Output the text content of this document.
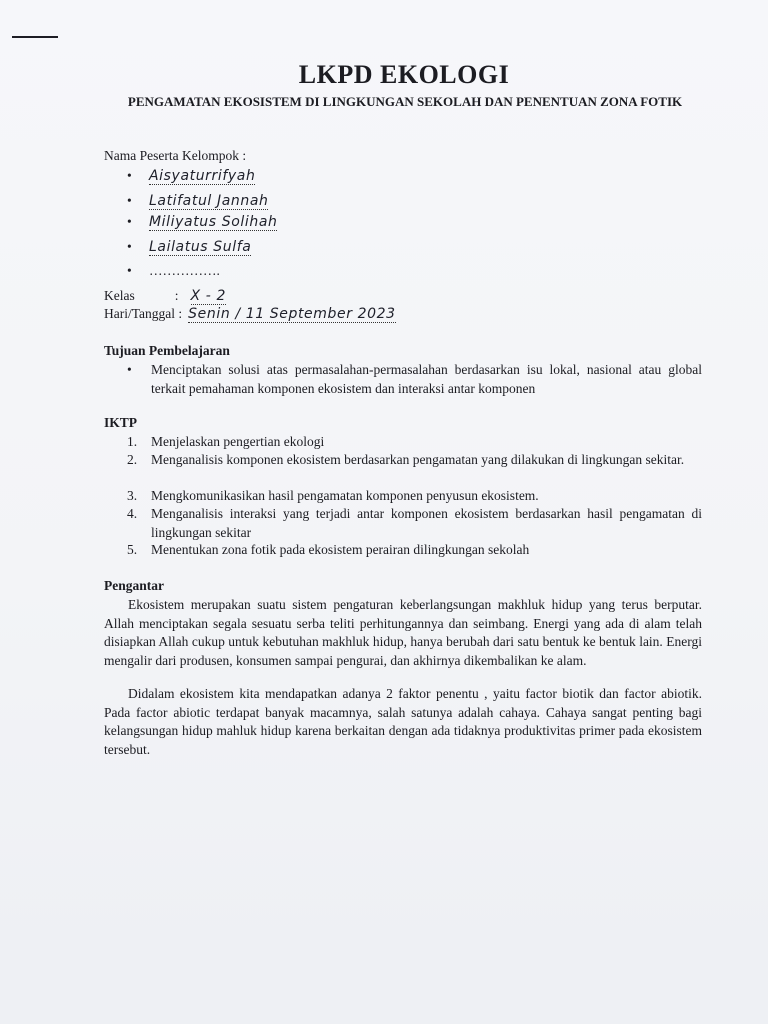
LKPD EKOLOGI
PENGAMATAN EKOSISTEM DI LINGKUNGAN SEKOLAH DAN PENENTUAN ZONA FOTIK
Nama Peserta Kelompok :
• Aisyaturrifyah
• Latifatul Jannah
• Miliyatus Solihah
• Lailatus Sulfa
• …………….
Kelas	: X - 2
Hari/Tanggal : Senin / 11 September 2023
Tujuan Pembelajaran
• Menciptakan solusi atas permasalahan-permasalahan berdasarkan isu lokal, nasional atau global terkait pemahaman komponen ekosistem dan interaksi antar komponen
IKTP
1. Menjelaskan pengertian ekologi
2. Menganalisis komponen ekosistem berdasarkan pengamatan yang dilakukan di lingkungan sekitar.
3. Mengkomunikasikan hasil pengamatan komponen penyusun ekosistem.
4. Menganalisis interaksi yang terjadi antar komponen ekosistem berdasarkan hasil pengamatan di lingkungan sekitar
5. Menentukan zona fotik pada ekosistem perairan dilingkungan sekolah
Pengantar
Ekosistem merupakan suatu sistem pengaturan keberlangsungan makhluk hidup yang terus berputar. Allah menciptakan segala sesuatu serba teliti perhitungannya dan seimbang. Energi yang ada di alam telah disiapkan Allah cukup untuk kebutuhan makhluk hidup, hanya berubah dari satu bentuk ke bentuk lain. Energi mengalir dari produsen, konsumen sampai pengurai, dan akhirnya dikembalikan ke alam.
Didalam ekosistem kita mendapatkan adanya 2 faktor penentu , yaitu factor biotik dan factor abiotik. Pada factor abiotic terdapat banyak macamnya, salah satunya adalah cahaya. Cahaya sangat penting bagi kelangsungan hidup mahluk hidup karena berkaitan dengan ada tidaknya produktivitas primer pada ekosistem tersebut.
